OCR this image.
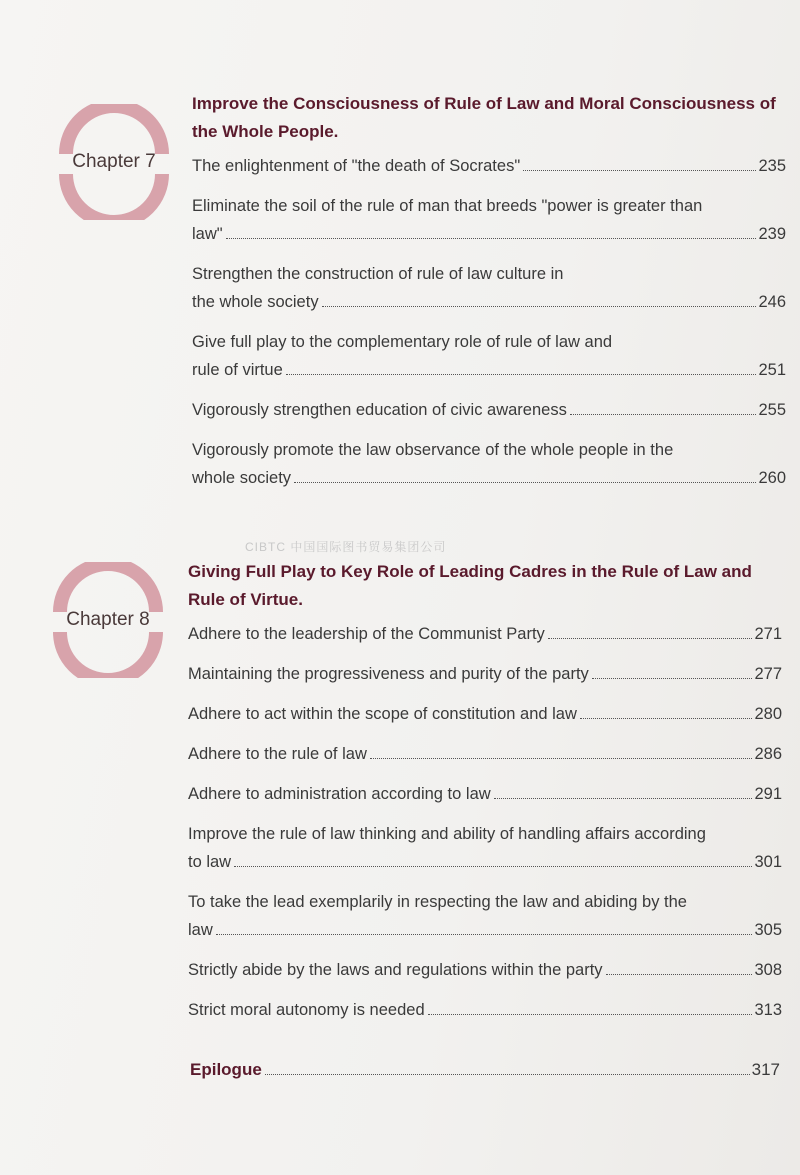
Chapter 7
Improve the Consciousness of Rule of Law and Moral Consciousness of the Whole People.
The enlightenment of "the death of Socrates"	235
Eliminate the soil of the rule of man that breeds "power is greater than
law"	239
Strengthen the construction of rule of law culture in
the whole society	246
Give full play to the complementary role of rule of law and
rule of virtue	251
Vigorously strengthen education of civic awareness	255
Vigorously promote the law observance of the whole people in the
whole society	260
CIBTC 中国国际图书贸易集团公司
Chapter 8
Giving Full Play to Key Role of Leading Cadres in the Rule of Law and Rule of Virtue.
Adhere to the leadership of the Communist Party	271
Maintaining the progressiveness and purity of the party	277
Adhere to act within the scope of constitution and law	280
Adhere to the rule of law	286
Adhere to administration according to law	291
Improve the rule of law thinking and ability of handling affairs according
to law	301
To take the lead exemplarily in respecting the law and abiding by the
law	305
Strictly abide by the laws and regulations within the party	308
Strict moral autonomy is needed	313
Epilogue	317
